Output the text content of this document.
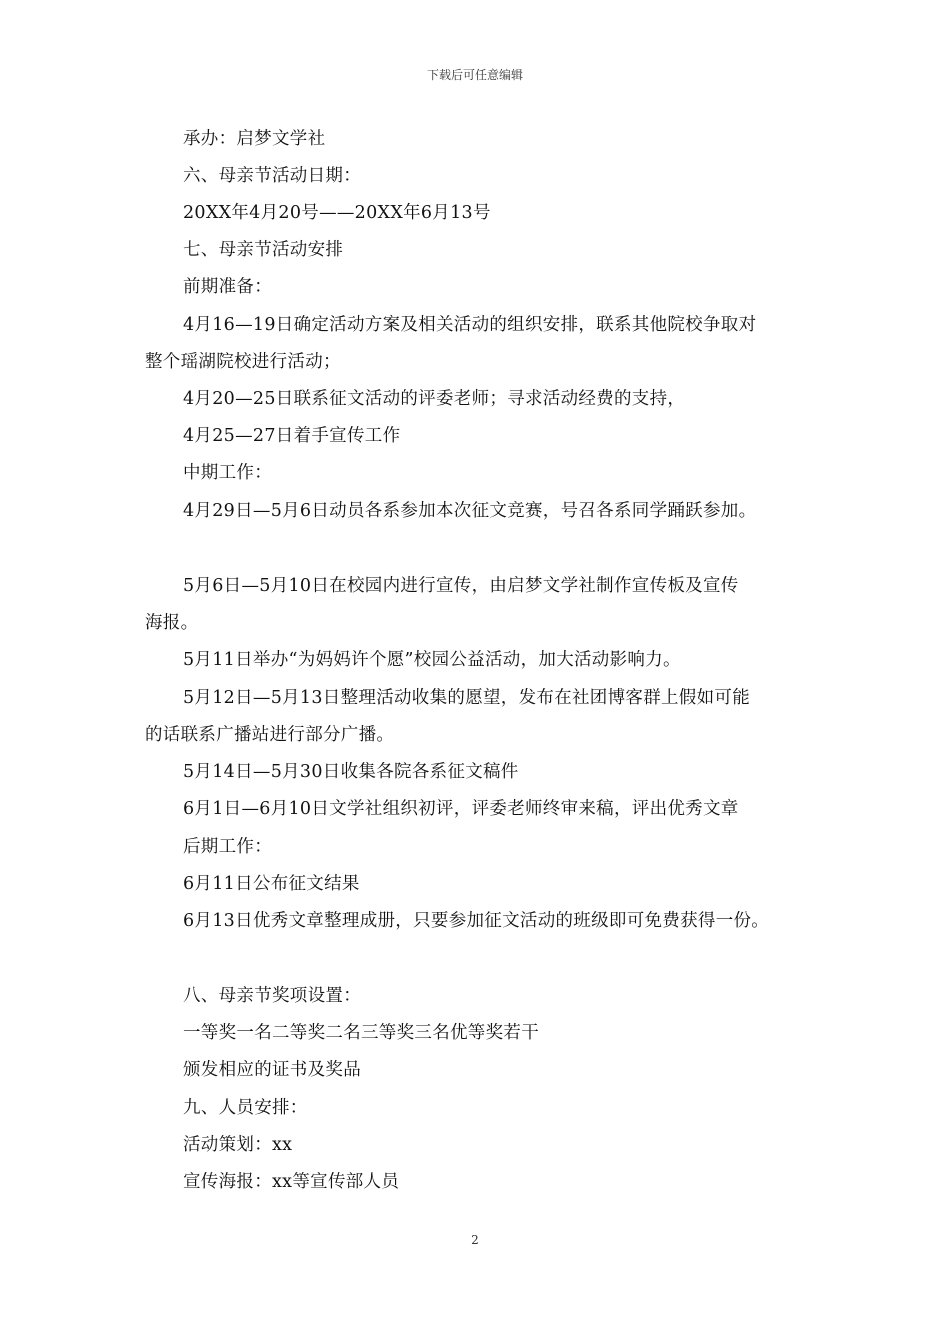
下载后可任意编辑
承办：启梦文学社
六、母亲节活动日期：
20XX年4月20号——20XX年6月13号
七、母亲节活动安排
前期准备：
4月16—19日确定活动方案及相关活动的组织安排，联系其他院校争取对
整个瑶湖院校进行活动；
4月20—25日联系征文活动的评委老师；寻求活动经费的支持，
4月25—27日着手宣传工作
中期工作：
4月29日—5月6日动员各系参加本次征文竞赛，号召各系同学踊跃参加。
5月6日—5月10日在校园内进行宣传，由启梦文学社制作宣传板及宣传
海报。
5月11日举办“为妈妈许个愿”校园公益活动，加大活动影响力。
5月12日—5月13日整理活动收集的愿望，发布在社团博客群上假如可能
的话联系广播站进行部分广播。
5月14日—5月30日收集各院各系征文稿件
6月1日—6月10日文学社组织初评，评委老师终审来稿，评出优秀文章
后期工作：
6月11日公布征文结果
6月13日优秀文章整理成册，只要参加征文活动的班级即可免费获得一份。
八、母亲节奖项设置：
一等奖一名二等奖二名三等奖三名优等奖若干
颁发相应的证书及奖品
九、人员安排：
活动策划：xx
宣传海报：xx等宣传部人员
2
